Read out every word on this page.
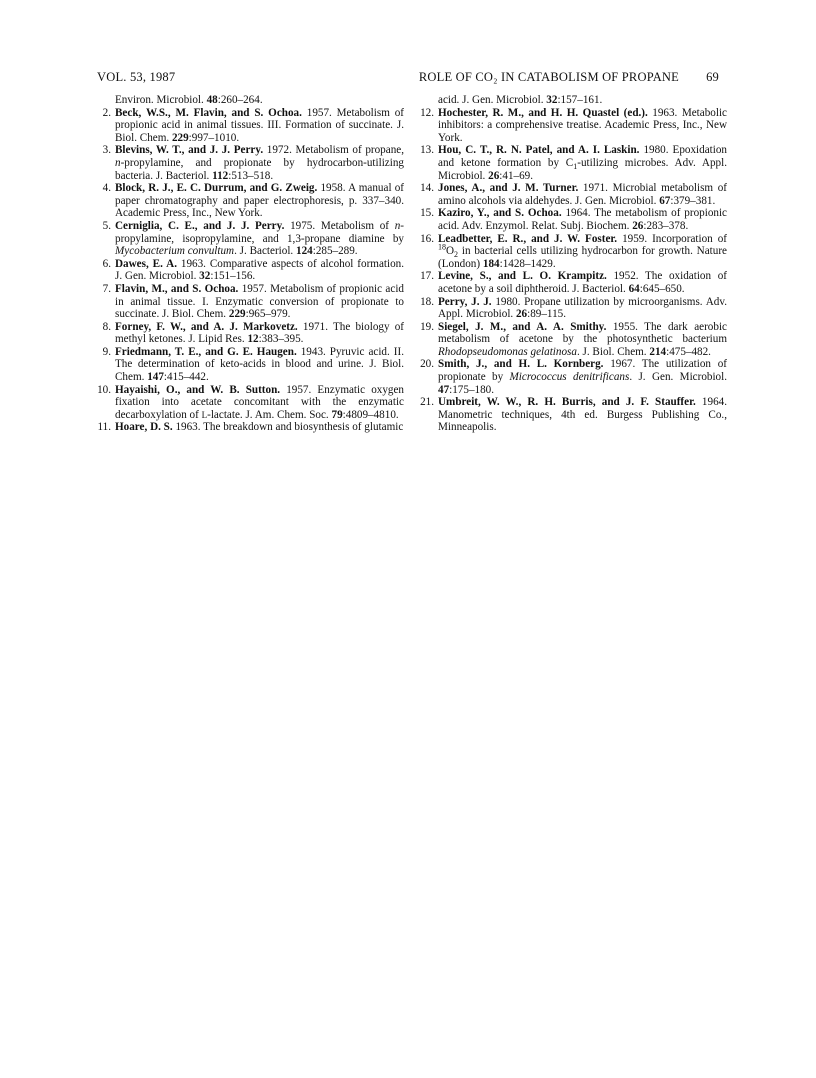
VOL. 53, 1987	ROLE OF CO₂ IN CATABOLISM OF PROPANE 69

Environ. Microbiol. 48:260–264.

2. Beck, W.S., M. Flavin, and S. Ochoa. 1957. Metabolism of propionic acid in animal tissues. III. Formation of succinate. J. Biol. Chem. 229:997–1010.

3. Blevins, W. T., and J. J. Perry. 1972. Metabolism of propane, n-propylamine, and propionate by hydrocarbon-utilizing bacteria. J. Bacteriol. 112:513–518.

4. Block, R. J., E. C. Durrum, and G. Zweig. 1958. A manual of paper chromatography and paper electrophoresis, p. 337–340. Academic Press, Inc., New York.

5. Cerniglia, C. E., and J. J. Perry. 1975. Metabolism of n-propylamine, isopropylamine, and 1,3-propane diamine by Mycobacterium convultum. J. Bacteriol. 124:285–289.

6. Dawes, E. A. 1963. Comparative aspects of alcohol formation. J. Gen. Microbiol. 32:151–156.

7. Flavin, M., and S. Ochoa. 1957. Metabolism of propionic acid in animal tissue. I. Enzymatic conversion of propionate to succinate. J. Biol. Chem. 229:965–979.

8. Forney, F. W., and A. J. Markovetz. 1971. The biology of methyl ketones. J. Lipid Res. 12:383–395.

9. Friedmann, T. E., and G. E. Haugen. 1943. Pyruvic acid. II. The determination of keto-acids in blood and urine. J. Biol. Chem. 147:415–442.

10. Hayaishi, O., and W. B. Sutton. 1957. Enzymatic oxygen fixation into acetate concomitant with the enzymatic decarboxylation of L-lactate. J. Am. Chem. Soc. 79:4809–4810.

11. Hoare, D. S. 1963. The breakdown and biosynthesis of glutamic

acid. J. Gen. Microbiol. 32:157–161.

12. Hochester, R. M., and H. H. Quastel (ed.). 1963. Metabolic inhibitors: a comprehensive treatise. Academic Press, Inc., New York.

13. Hou, C. T., R. N. Patel, and A. I. Laskin. 1980. Epoxidation and ketone formation by $C_1$-utilizing microbes. Adv. Appl. Microbiol. 26:41–69.

14. Jones, A., and J. M. Turner. 1971. Microbial metabolism of amino alcohols via aldehydes. J. Gen. Microbiol. 67:379–381.

15. Kaziro, Y., and S. Ochoa. 1964. The metabolism of propionic acid. Adv. Enzymol. Relat. Subj. Biochem. 26:283–378.

16. Leadbetter, E. R., and J. W. Foster. 1959. Incorporation of $^{18}O_2$ in bacterial cells utilizing hydrocarbon for growth. Nature (London) 184:1428–1429.

17. Levine, S., and L. O. Krampitz. 1952. The oxidation of acetone by a soil diphtheroid. J. Bacteriol. 64:645–650.

18. Perry, J. J. 1980. Propane utilization by microorganisms. Adv. Appl. Microbiol. 26:89–115.

19. Siegel, J. M., and A. A. Smithy. 1955. The dark aerobic metabolism of acetone by the photosynthetic bacterium Rhodopseudomonas gelatinosa. J. Biol. Chem. 214:475–482.

20. Smith, J., and H. L. Kornberg. 1967. The utilization of propionate by Micrococcus denitrificans. J. Gen. Microbiol. 47:175–180.

21. Umbreit, W. W., R. H. Burris, and J. F. Stauffer. 1964. Manometric techniques, 4th ed. Burgess Publishing Co., Minneapolis.
